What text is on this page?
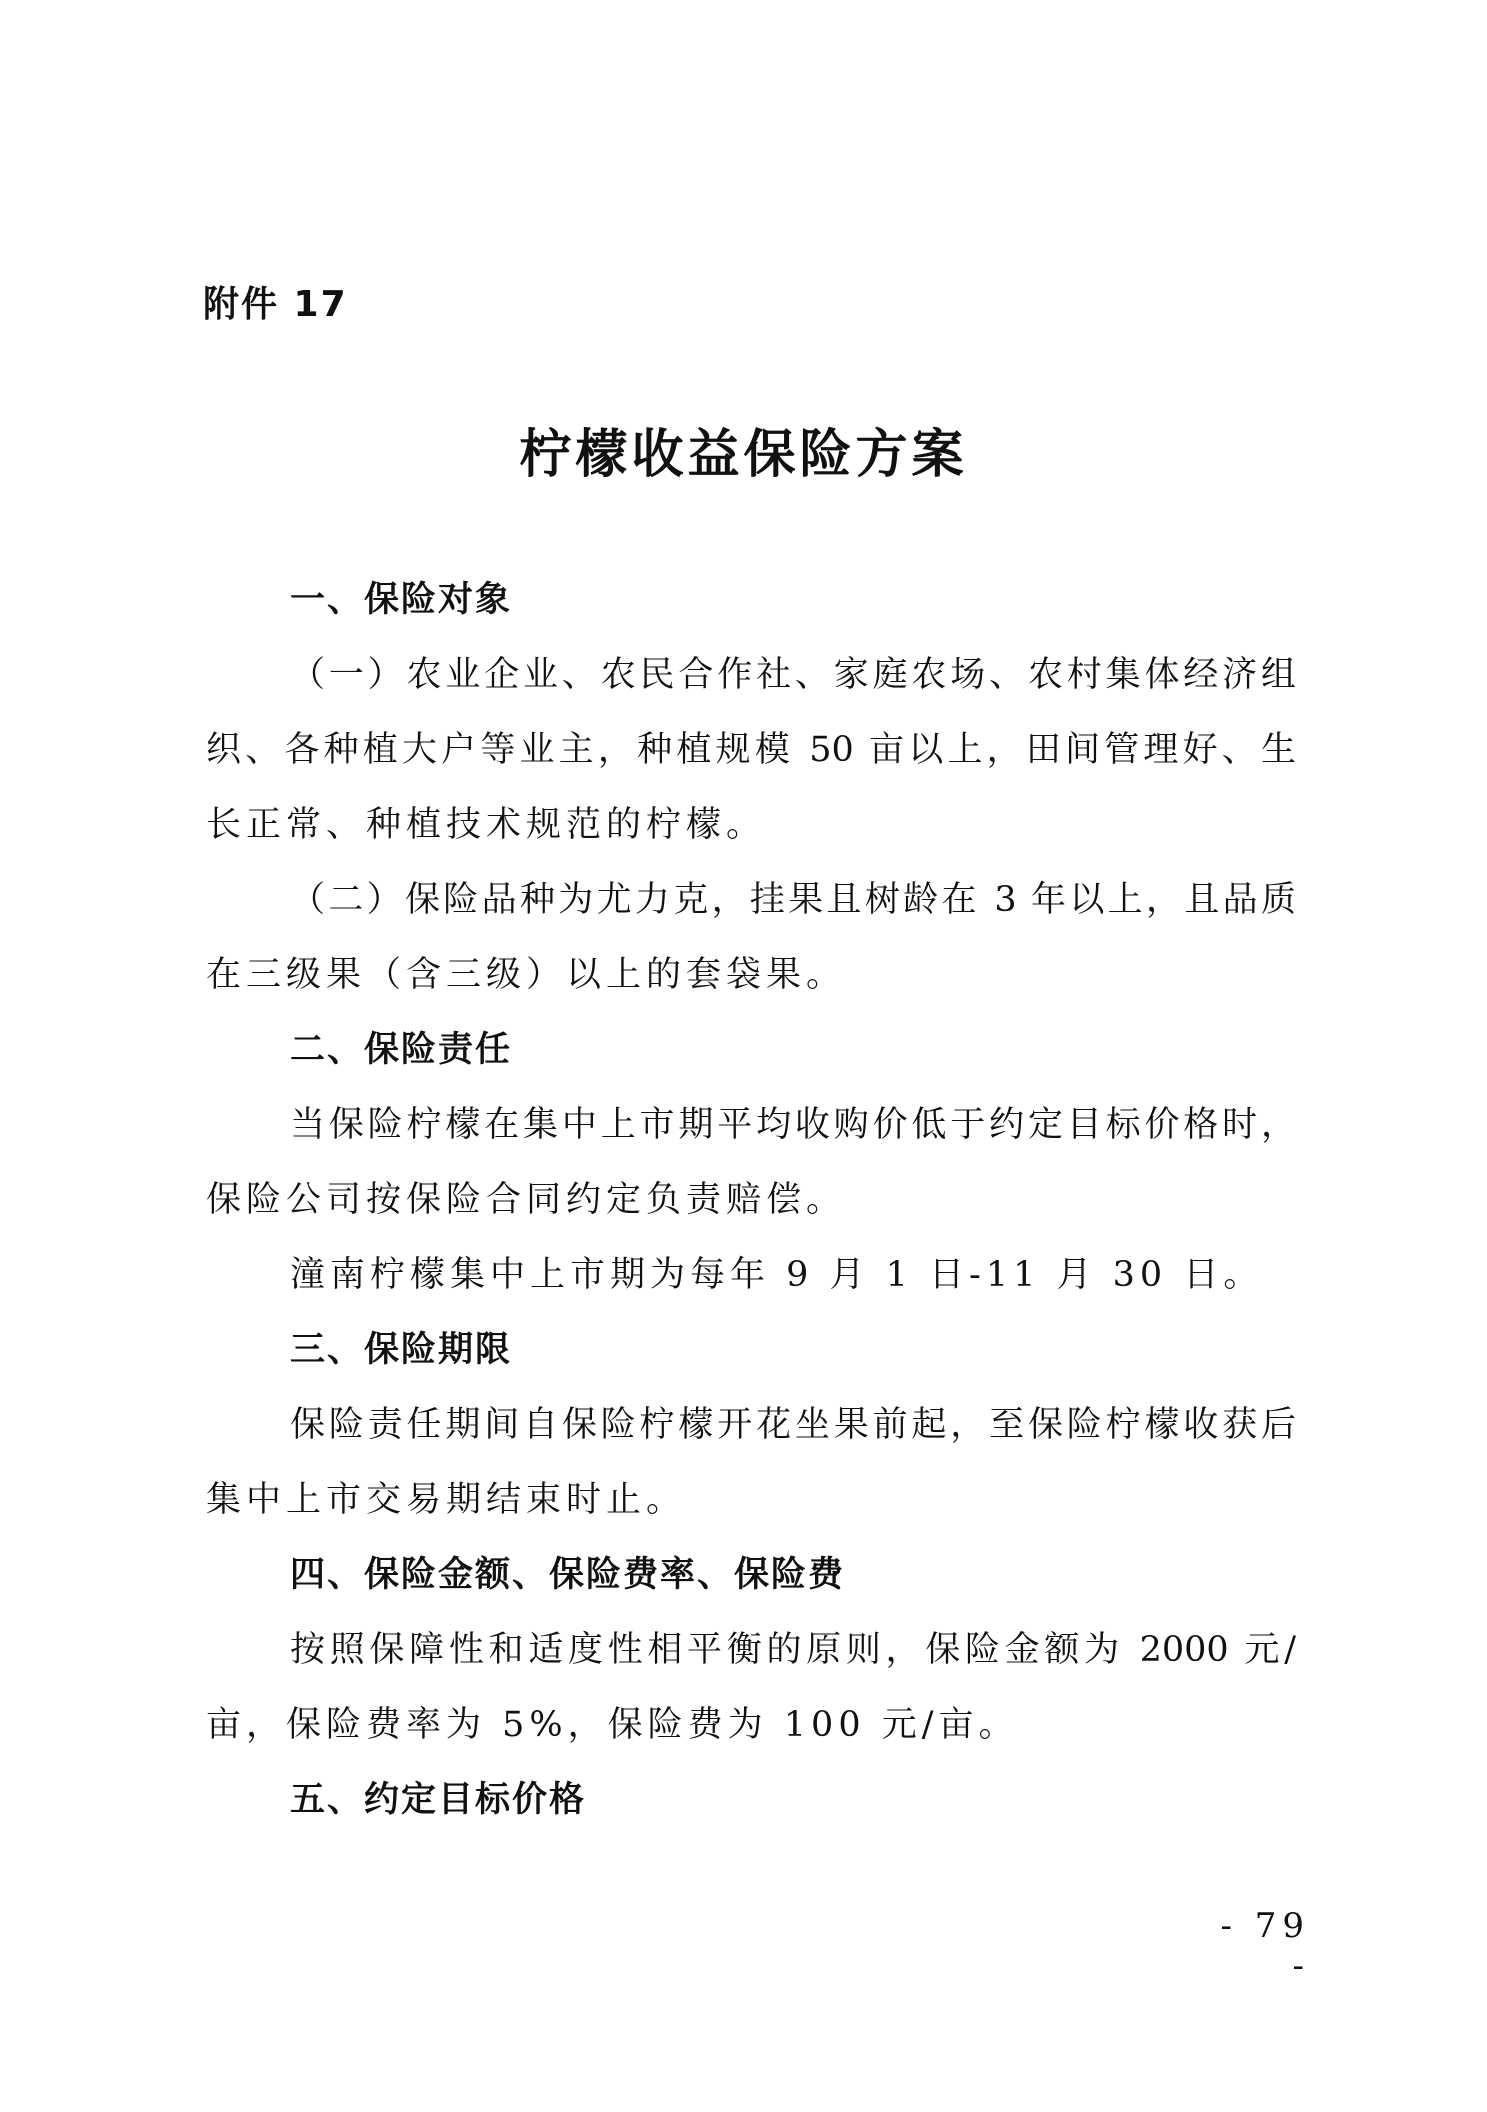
附件 17
柠檬收益保险方案
一、保险对象
（一）农业企业、农民合作社、家庭农场、农村集体经济组
织、各种植大户等业主，种植规模 50 亩以上，田间管理好、生
长正常、种植技术规范的柠檬。
（二）保险品种为尤力克，挂果且树龄在 3 年以上，且品质
在三级果（含三级）以上的套袋果。
二、保险责任
当保险柠檬在集中上市期平均收购价低于约定目标价格时，
保险公司按保险合同约定负责赔偿。
潼南柠檬集中上市期为每年 9 月 1 日-11 月 30 日。
三、保险期限
保险责任期间自保险柠檬开花坐果前起，至保险柠檬收获后
集中上市交易期结束时止。
四、保险金额、保险费率、保险费
按照保障性和适度性相平衡的原则，保险金额为 2000 元/
亩，保险费率为 5%，保险费为 100 元/亩。
五、约定目标价格
- 79 -
